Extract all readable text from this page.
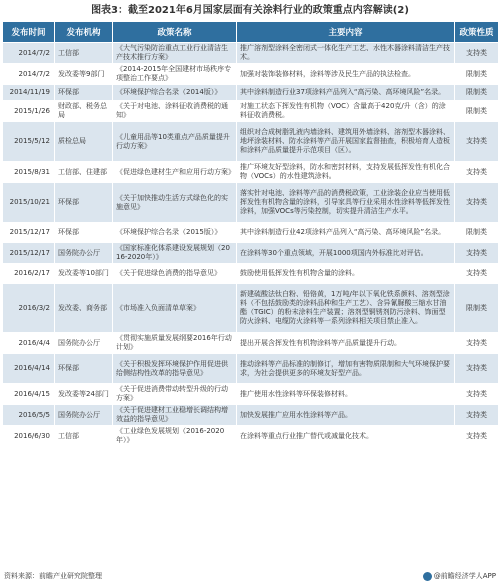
图表3：截至2021年6月国家层面有关涂料行业的政策重点内容解读(2)
发布时间	发布机构	政策名称	主要内容	政策性质
2014/7/2	工信部	《大气污染防治重点工业行业清洁生产技术推行方案》	推广溶剂型涂料全密闭式一体化生产工艺、水性木器涂料清洁生产技术。	支持类
2014/7/2	发改委等9部门	《2014-2015年全国建材市场秩序专项整治工作要点》	加强对装饰装修材料，涂料等涉及民生产品的执法检查。	限制类
2014/11/19	环保部	《环境保护综合名录（2014版）》	其中涂料制造行业37项涂料产品列入“高污染、高环境风险”名录。	限制类
2015/1/26	财政部、税务总局	《关于对电池、涂料征收消费税的通知》	对施工状态下挥发性有机物（VOC）含量高于420克/升（含）的涂料征收消费税。	限制类
2015/5/12	质检总局	《儿童用品等10类重点产品质量提升行动方案》	组织对合成树脂乳液内墙涂料、建筑用外墙涂料、溶剂型木器涂料、地坪涂装材料、防水涂料等产品开展国家监督抽查，积极培育人造板和涂料产品质量提升示范项目（区）。	支持类
2015/8/31	工信部、住建部	《促进绿色建材生产和应用行动方案》	推广环境友好型涂料，防水和密封材料，支持发展低挥发性有机化合物（VOCs）的水性建筑涂料。	支持类
2015/10/21	环保部	《关于加快推动生活方式绿色化的实施意见》	落实针对电池、涂料等产品的消费税政策，工业涂装企业应当使用低挥发性有机物含量的涂料，引导家具等行业采用水性涂料等低挥发性涂料，加强VOCs等污染控制，切实提升清洁生产水平。	支持类
2015/12/17	环保部	《环境保护综合名录（2015版）》	其中涂料制造行业42项涂料产品列入“高污染、高环境风险”名录。	限制类
2015/12/17	国务院办公厅	《国家标准化体系建设发展规划（2016-2020年）》	在涂料等30个重点领域，开展1000项国内外标准比对评估。	支持类
2016/2/17	发改委等10部门	《关于促进绿色消费的指导意见》	鼓励使用低挥发性有机物含量的涂料。	支持类
2016/3/2	发改委、商务部	《市场准入负面清单草案》	新建硫酸法钛白粉、铅铬黄，1万吨/年以下氧化铁系颜料、溶剂型涂料（不包括鼓励类的涂料品种和生产工艺）、含异氰脲酸三缩水甘油酯（TGIC）的粉末涂料生产装置；溶剂型铜锈剂防污涂料、饰面型防火涂料、电缆防火涂料等一系列涂料相关项目禁止准入。	限制类
2016/4/4	国务院办公厅	《贯彻实施质量发展纲要2016年行动计划》	提出开展含挥发性有机物涂料等产品质量提升行动。	支持类
2016/4/14	环保部	《关于积极发挥环境保护作用促进供给侧结构性改革的指导意见》	推动涂料等产品标准的制修订，增加有害物质限制和大气环境保护要求，为社会提供更多的环境友好型产品。	支持类
2016/4/15	发改委等24部门	《关于促进消费带动转型升级的行动方案》	推广使用水性涂料等环保装修材料。	支持类
2016/5/5	国务院办公厅	《关于促进建材工业稳增长调结构增效益的指导意见》	加快发展推广应用水性涂料等产品。	支持类
2016/6/30	工信部	《工业绿色发展规划（2016-2020年）》	在涂料等重点行业推广替代或减量化技术。	支持类
资料来源：前瞻产业研究院整理	@前瞻经济学人APP
